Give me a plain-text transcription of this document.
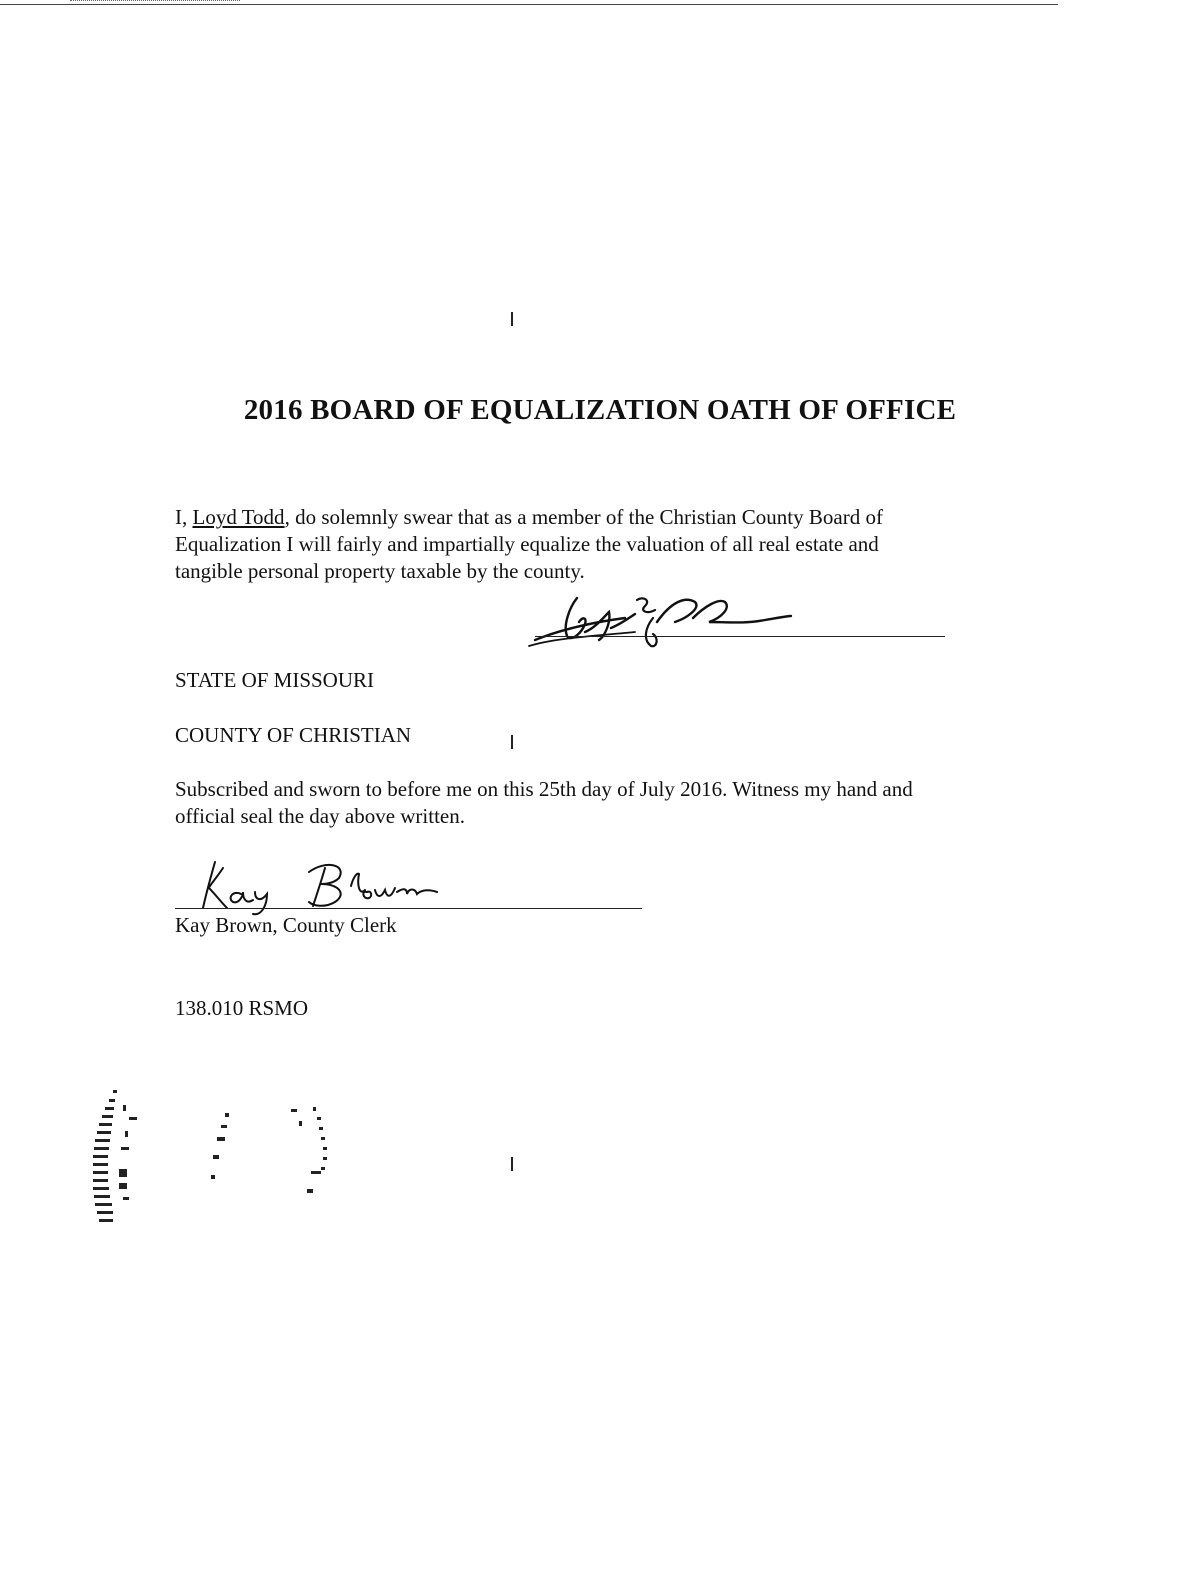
2016 BOARD OF EQUALIZATION OATH OF OFFICE

I, Loyd Todd, do solemnly swear that as a member of the Christian County Board of

Equalization I will fairly and impartially equalize the valuation of all real estate and

tangible personal property taxable by the county.

STATE OF MISSOURI

COUNTY OF CHRISTIAN

Subscribed and sworn to before me on this 25th day of July 2016. Witness my hand and

official seal the day above written.

Kay Brown, County Clerk

138.010 RSMO
